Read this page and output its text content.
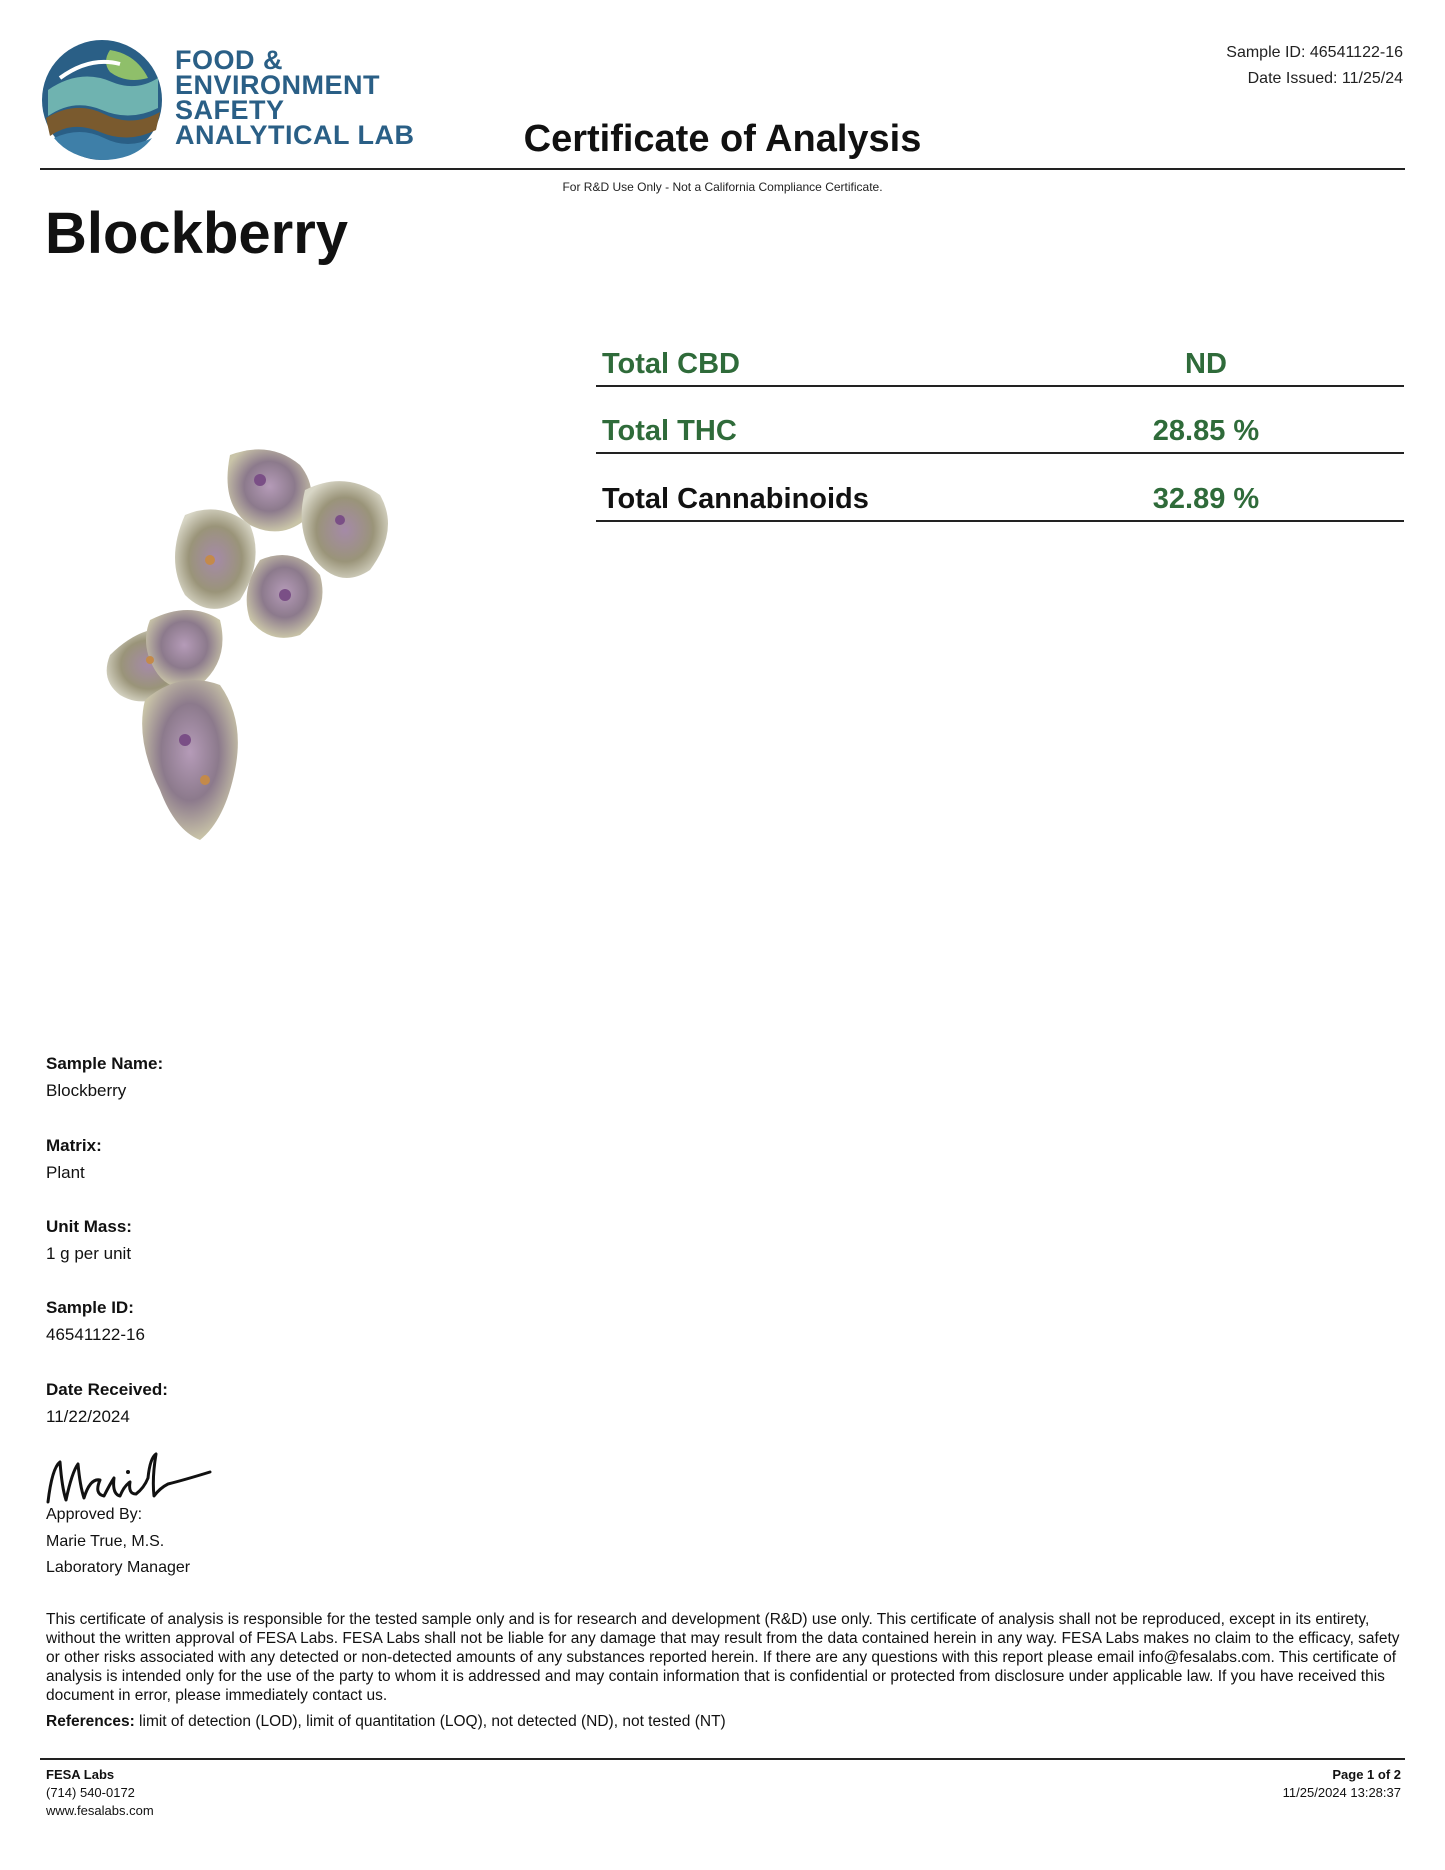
FOOD &
ENVIRONMENT
SAFETY
ANALYTICAL LAB
Sample ID: 46541122-16
Date Issued: 11/25/24
Certificate of Analysis
For R&D Use Only - Not a California Compliance Certificate.
Blockberry
Total CBD	ND
Total THC	28.85 %
Total Cannabinoids	32.89 %
Sample Name:
Blockberry
Matrix:
Plant
Unit Mass:
1 g per unit
Sample ID:
46541122-16
Date Received:
11/22/2024
Approved By:
Marie True, M.S.
Laboratory Manager
This certificate of analysis is responsible for the tested sample only and is for research and development (R&D) use only. This certificate of analysis shall not be reproduced, except in its entirety, without the written approval of FESA Labs. FESA Labs shall not be liable for any damage that may result from the data contained herein in any way. FESA Labs makes no claim to the efficacy, safety or other risks associated with any detected or non-detected amounts of any substances reported herein. If there are any questions with this report please email info@fesalabs.com. This certificate of analysis is intended only for the use of the party to whom it is addressed and may contain information that is confidential or protected from disclosure under applicable law. If you have received this document in error, please immediately contact us.
References: limit of detection (LOD), limit of quantitation (LOQ), not detected (ND), not tested (NT)
FESA Labs
(714) 540-0172
www.fesalabs.com
Page 1 of 2
11/25/2024 13:28:37
